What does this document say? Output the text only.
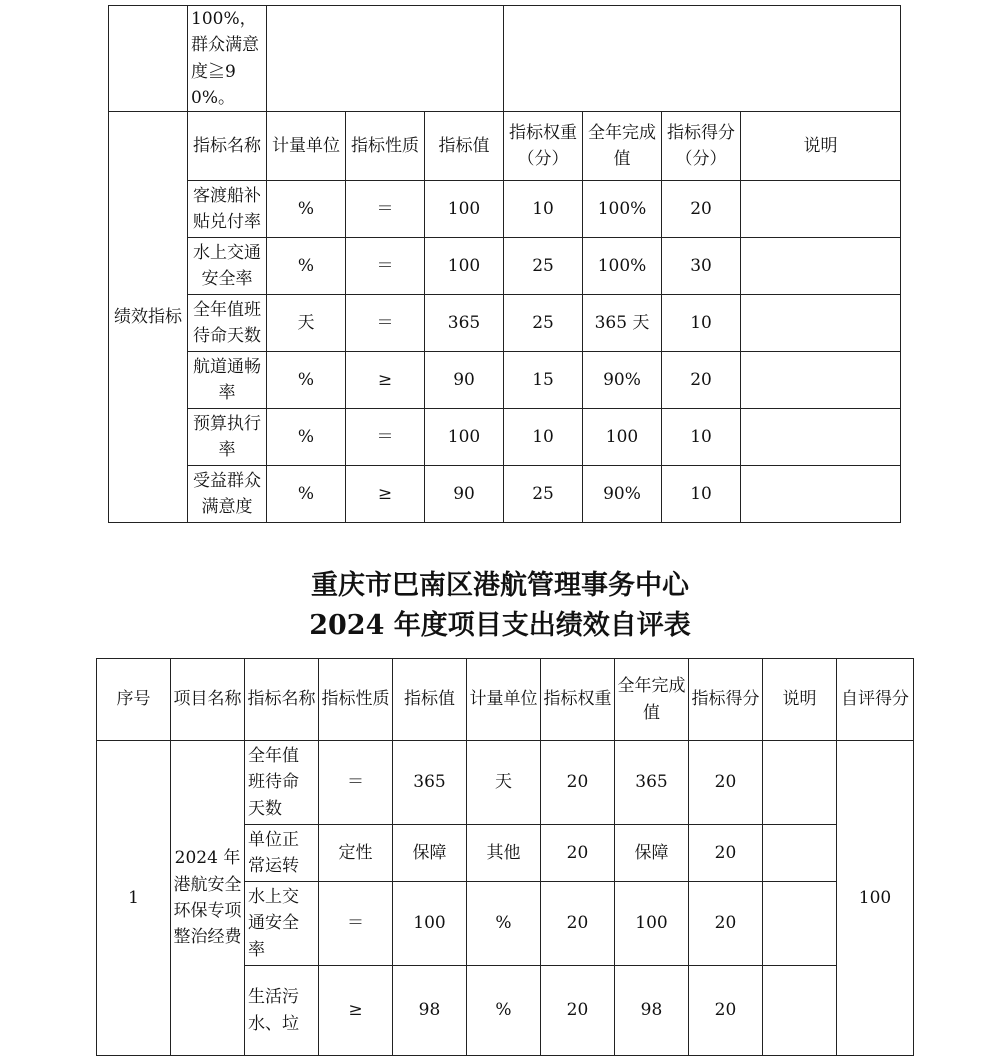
	100%，群众满意度≧90%。							
绩效指标	指标名称	计量单位	指标性质	指标值	指标权重（分）	全年完成值	指标得分（分）	说明

	客渡船补贴兑付率	%	＝	100	10	100%	20	

	水上交通安全率	%	＝	100	25	100%	30	

	全年值班待命天数	天	＝	365	25	365 天	10	

	航道通畅率	%	≥	90	15	90%	20	

	预算执行率	%	＝	100	10	100	10	

	受益群众满意度	%	≥	90	25	90%	10	
重庆市巴南区港航管理事务中心
2024 年度项目支出绩效自评表
序号	项目名称	指标名称	指标性质	指标值	计量单位	指标权重	全年完成值	指标得分	说明	自评得分

1	2024 年港航安全环保专项整治经费	全年值班待命天数	＝	365	天	20	365	20		100
		单位正常运转	定性	保障	其他	20	保障	20		
		水上交通安全率	＝	100	%	20	100	20		
		生活污水、垃	≥	98	%	20	98	20		
